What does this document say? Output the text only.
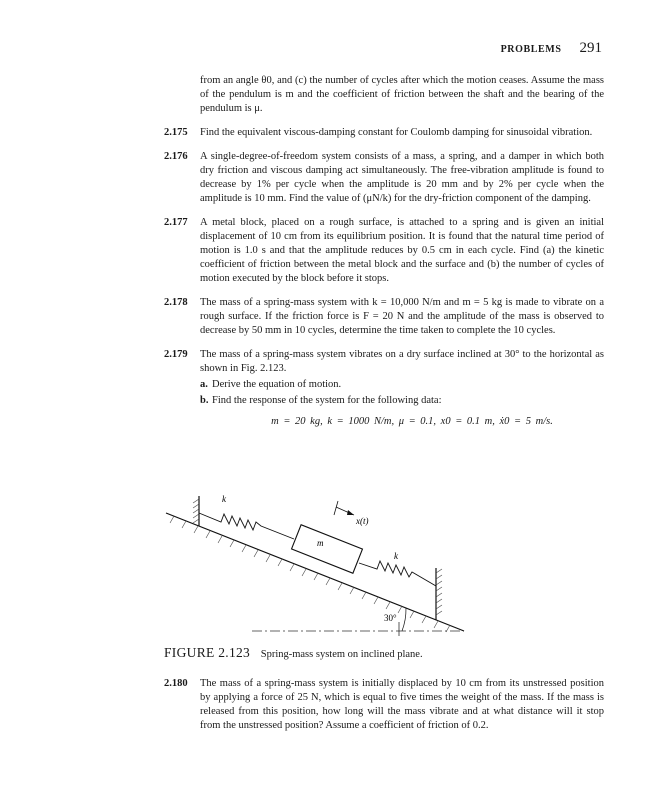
PROBLEMS 291

from an angle θ0, and (c) the number of cycles after which the motion ceases. Assume the mass of the pendulum is m and the coefficient of friction between the shaft and the bearing of the pendulum is μ.

2.175	Find the equivalent viscous-damping constant for Coulomb damping for sinusoidal vibration.

2.176	A single-degree-of-freedom system consists of a mass, a spring, and a damper in which both dry friction and viscous damping act simultaneously. The free-vibration amplitude is found to decrease by 1% per cycle when the amplitude is 20 mm and by 2% per cycle when the amplitude is 10 mm. Find the value of (μN/k) for the dry-friction component of the damping.

2.177	A metal block, placed on a rough surface, is attached to a spring and is given an initial displacement of 10 cm from its equilibrium position. It is found that the natural time period of motion is 1.0 s and that the amplitude reduces by 0.5 cm in each cycle. Find (a) the kinetic coefficient of friction between the metal block and the surface and (b) the number of cycles of motion executed by the block before it stops.

2.178	The mass of a spring-mass system with k = 10,000 N/m and m = 5 kg is made to vibrate on a rough surface. If the friction force is F = 20 N and the amplitude of the mass is observed to decrease by 50 mm in 10 cycles, determine the time taken to complete the 10 cycles.

2.179	The mass of a spring-mass system vibrates on a dry surface inclined at 30° to the horizontal as shown in Fig. 2.123.

a. Derive the equation of motion.
b. Find the response of the system for the following data:
m = 20 kg, k = 1000 N/m, μ = 0.1, x0 = 0.1 m, ẋ0 = 5 m/s.
k
m
k
x(t)
30°
FIGURE 2.123 Spring-mass system on inclined plane.
2.180	The mass of a spring-mass system is initially displaced by 10 cm from its unstressed position by applying a force of 25 N, which is equal to five times the weight of the mass. If the mass is released from this position, how long will the mass vibrate and at what distance will it stop from the unstressed position? Assume a coefficient of friction of 0.2.
